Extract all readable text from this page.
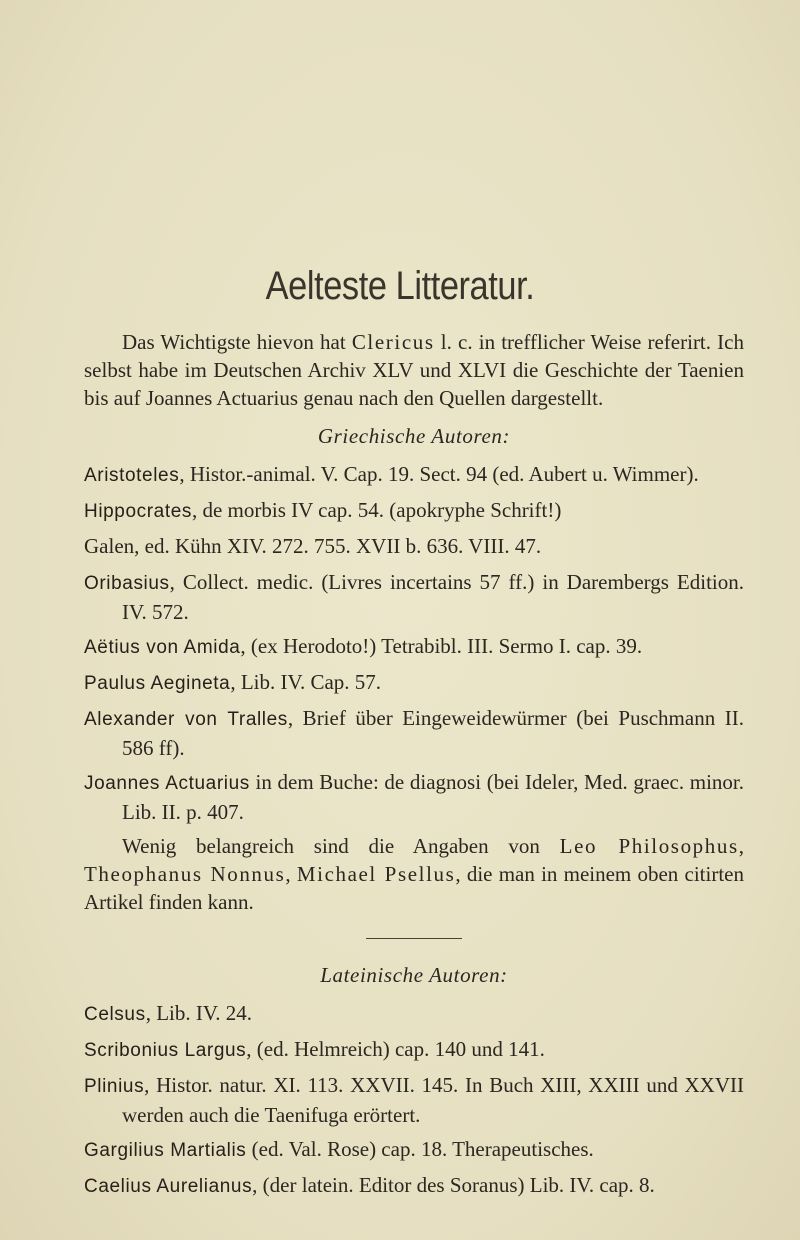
Aelteste Litteratur.

Das Wichtigste hievon hat Clericus l. c. in trefflicher Weise referirt. Ich selbst habe im Deutschen Archiv XLV und XLVI die Geschichte der Taenien bis auf Joannes Actuarius genau nach den Quellen dargestellt.

Griechische Autoren:

Aristoteles, Histor.-animal. V. Cap. 19. Sect. 94 (ed. Aubert u. Wimmer).

Hippocrates, de morbis IV cap. 54. (apokryphe Schrift!)

Galen, ed. Kühn XIV. 272. 755. XVII b. 636. VIII. 47.

Oribasius, Collect. medic. (Livres incertains 57 ff.) in Darembergs Edition. IV. 572.

Aëtius von Amida, (ex Herodoto!) Tetrabibl. III. Sermo I. cap. 39.

Paulus Aegineta, Lib. IV. Cap. 57.

Alexander von Tralles, Brief über Eingeweidewürmer (bei Puschmann II. 586 ff).

Joannes Actuarius in dem Buche: de diagnosi (bei Ideler, Med. graec. minor. Lib. II. p. 407.

Wenig belangreich sind die Angaben von Leo Philosophus, Theophanus Nonnus, Michael Psellus, die man in meinem oben citirten Artikel finden kann.

Lateinische Autoren:

Celsus, Lib. IV. 24.

Scribonius Largus, (ed. Helmreich) cap. 140 und 141.

Plinius, Histor. natur. XI. 113. XXVII. 145. In Buch XIII, XXIII und XXVII werden auch die Taenifuga erörtert.

Gargilius Martialis (ed. Val. Rose) cap. 18. Therapeutisches.

Caelius Aurelianus, (der latein. Editor des Soranus) Lib. IV. cap. 8.
